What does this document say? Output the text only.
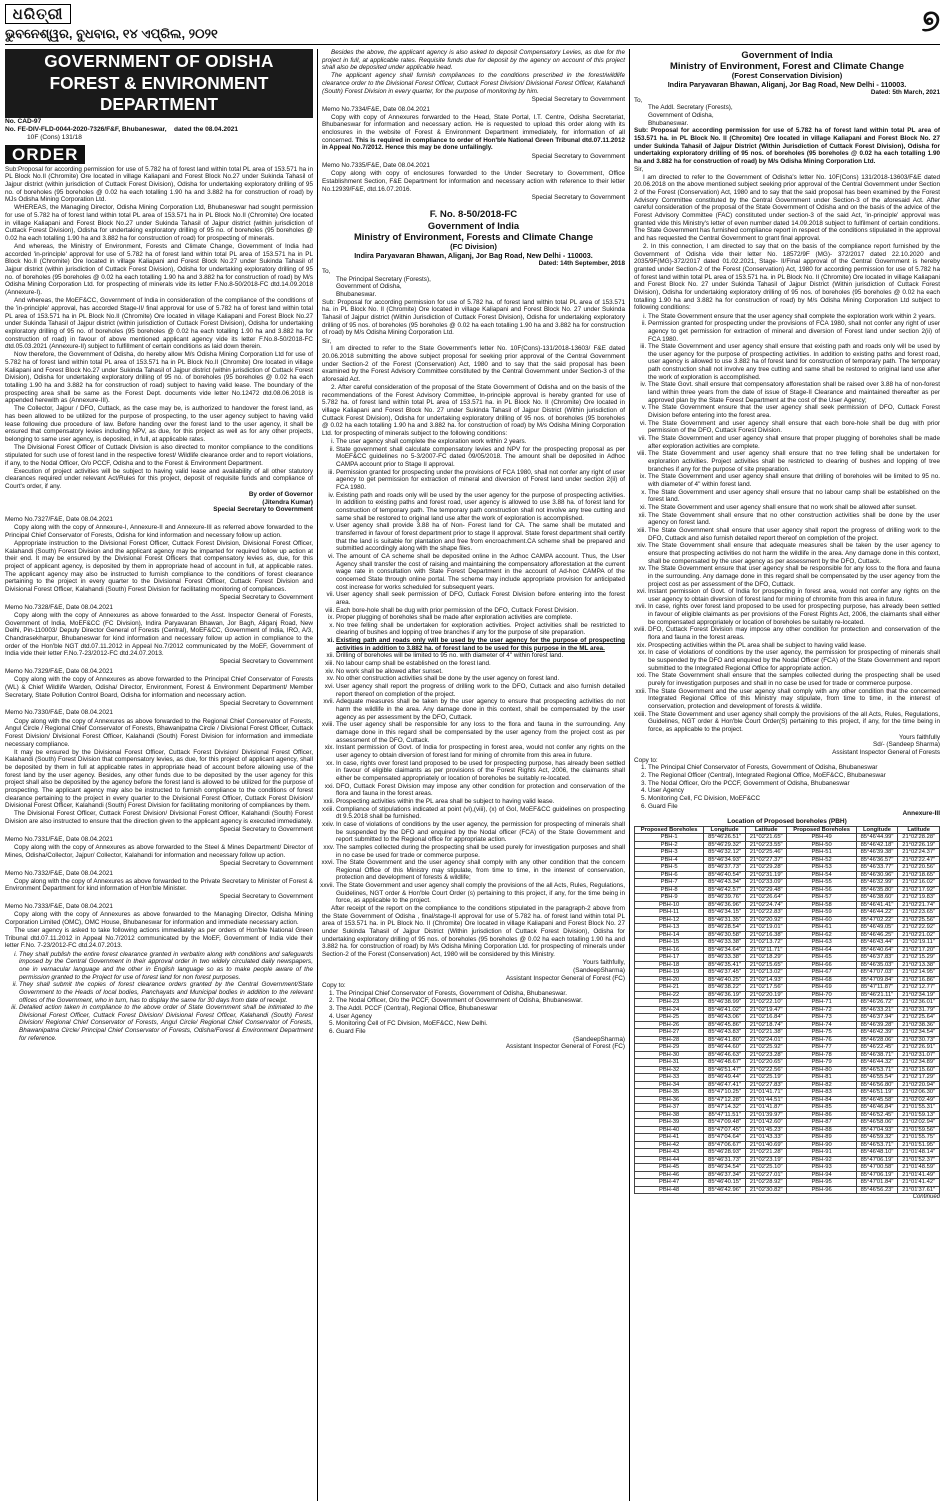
ଧରିତ୍ରୀ
ଭୁବନେଶ୍ୱର, ବୁଧବାର, ୧୪ ଏପ୍ରିଲ, ୨୦୨୧	୭
GOVERNMENT OF ODISHA
FOREST & ENVIRONMENT DEPARTMENT
No. CAD-97
No. FE-DIV-FLD-0044-2020-7326/F&F, Bhubaneswar, dated the 08.04.2021
10F (Cons) 131/18
ORDER

Sub:Proposal for according permission for use of 5.782 ha of forest land within total PL area of 153.571 ha in PL Block No.II (Chromite) Ore located in village Kaliapani and Forest Block No.27 under Sukinda Tahasil of Jajpur district (within jurisdiction of Cuttack Forest Division), Odisha for undertaking exploratory drilling of 95 no. of boreholes (95 boreholes @ 0.02 ha each totalling 1.90 ha and 3.882 ha for construction of road) by MJs Odisha Mining Corporation Ltd.

WHEREAS, the Managing Director, Odisha Mining Corporation Ltd, Bhubaneswar had sought permission for use of 5.782 ha of forest land within total PL area of 153.571 ha in PL Block No.II (Chromite) Ore located in village Kaliapani and Forest Block No.27 under Sukinda Tahasil of Jajpur district (within jurisdiction of Cuttack Forest Division), Odisha for undertaking exploratory drilling of 95 no. of boreholes (95 boreholes @ 0.02 ha each totalling 1.90 ha and 3.882 ha for construction of road) for prospecting of minerals.

And whereas, the Ministry of Environment, Forests and Climate Change, Government of India had accorded 'in-principle' approval for use of 5.782 ha of forest land within total PL area of 153.571 ha in PL Block No.II (Chromite) Ore located in village Kaliapani and Forest Block No.27 under Sukinda Tahasil of Jajpur district (within jurisdiction of Cuttack Forest Division), Odisha for undertaking exploratory drilling of 95 no. of boreholes (95 boreholes @ 0.02 ha each totalling 1.90 ha and 3.882 ha for construction of road) by M/s Odisha Mining Corporation Ltd. for prospecting of minerals vide its letter F.No.8-50/2018-FC dtd.14.09.2018 (Annexure-I).

And whereas, the MoEF&CC, Government of India in consideration of the compliance of the conditions of the 'in-principle' approval, has accorded Stage-II/ final approval for use of 5.782 ha of forest land within total PL area of 153.571 ha in PL Block No.II (Chromite) Ore located in village Kaliapani and Forest Block No.27 under Sukinda Tahasil of Jajpur district (within jurisdiction of Cuttack Forest Division), Odisha for undertaking exploratory drilling of 95 no. of boreholes (95 boreholes @ 0.02 ha each totalling 1.90 ha and 3.882 ha for construction of road) in favour of above mentioned applicant agency vide its letter F.No.8-50/2018-FC dtd.05.03.2021 (Annexure-II) subject to fulfillment of certain conditions as laid down therein.

Now therefore, the Government of Odisha, do hereby allow M/s Odisha Mining Corporation Ltd for use of 5.782 ha of forest land within total PL area of 153.571 ha in PL Block No.II (Chromite) Ore located in village Kaliapani and Forest Block No.27 under Sukinda Tahasil of Jajpur district (within jurisdiction of Cuttack Forest Division), Odisha for undertaking exploratory drilling of 95 no. of boreholes (95 boreholes @ 0.02 ha each totalling 1.90 ha and 3.882 ha for construction of road) subject to having valid lease. The boundary of the prospecting area shall be same as the Forest Dept. documents vide letter No.12472 dtd.08.06.2018 is appended herewith as (Annexure-III).

The Collector, Jajpur / DFO, Cuttack, as the case may be, is authorized to handover the forest land, as has been allowed to be utilized for the purpose of prospecting, to the user agency subject to having valid lease following due procedure of law. Before handing over the forest land to the user agency, it shall be ensured that compensatory levies including NPV, as due, for this project as well as for any other projects, belonging to same user agency, is deposited, in full, at applicable rates.

The Divisional Forest Officer of Cuttack Division is also directed to monitor compliance to the conditions stipulated for such use of forest land in the respective forest/ Wildlife clearance order and to report violations, if any, to the Nodal Officer, O/o PCCF, Odisha and to the Forest & Environment Department.

Execution of project activities will be subject to having valid lease and availability of all other statutory clearances required under relevant Act/Rules for this project, deposit of requisite funds and compliance of Court's order, if any.

By order of Governor
(Jitendra Kumar)
Special Secretary to Government

Memo No.7327/F&E, Date 08.04.2021

Copy along with the copy of Annexure-I, Annexure-II and Annexure-III as referred above forwarded to the Principal Chief Conservator of Forests, Odisha for kind information and necessary follow up action.

Appropriate instruction to the Divisional Forest Officer, Cuttack Forest Division, Divisional Forest Officer, Kalahandi (South) Forest Division and the applicant agency may be imparted for required follow up action at their end. It may be ensured by the Divisional Forest Officers that compensatory levies as, due, for this project of applicant agency, is deposited by them in appropriate head of account in full, at applicable rates. The applicant agency may also be instructed to furnish compliance to the conditions of forest clearance pertaining to the project in every quarter to the Divisional Forest Officer, Cuttack Forest Division and Divisional Forest Officer, Kalahandi (South) Forest Division for facilitating monitoring of compliances.

Special Secretary to Government

Memo No.7328/F&E, Date 08.04.2021

Copy along with the copy of Annexures as above forwarded to the Asst. Inspector General of Forests, Government of India, MoEF&CC (FC Division), Indira Paryavaran Bhawan, Jor Bagh, Aliganj Road, New Delhi, Pin-110003/ Deputy Director General of Forests (Central), MoEF&CC, Government of India, IRO, A/3, Chandrasekharpur, Bhubaneswar for kind information and necessary follow up action in compliance to the order of the Hon'ble NGT dtd.07.11.2012 in Appeal No.7/2012 communicated by the MoEF, Government of India vide their letter F.No.7-23/2012-FC dtd.24.07.2013.

Special Secretary to Government

Memo No.7329/F&E, Date 08.04.2021

Copy along with the copy of Annexures as above forwarded to the Principal Chief Conservator of Forests (WL) & Chief Wildlife Warden, Odisha/ Director, Environment, Forest & Environment Department/ Member Secretary, State Pollution Control Board, Odisha for information and necessary action.

Special Secretary to Government

Memo No.7330/F&E, Date 08.04.2021

Copy along with the copy of Annexures as above forwarded to the Regional Chief Conservator of Forests, Angul Circle / Regional Chief Conservator of Forests, Bhawanipatna Circle / Divisional Forest Officer, Cuttack Forest Division/ Divisional Forest Officer, Kalahandi (South) Forest Division for information and immediate necessary compliance.

It may be ensured by the Divisional Forest Officer, Cuttack Forest Division/ Divisional Forest Officer, Kalahandi (South) Forest Division that compensatory levies, as due, for this project of applicant agency, shall be deposited by them in full at applicable rates in appropriate head of account before allowing use of the forest land by the user agency. Besides, any other funds due to be deposited by the user agency for this project shall also be deposited by the agency before the forest land is allowed to be utilized for the purpose of prospecting. The applicant agency may also be instructed to furnish compliance to the conditions of forest clearance pertaining to the project in every quarter to the Divisional Forest Officer, Cuttack Forest Division/ Divisional Forest Officer, Kalahandi (South) Forest Division for facilitating monitoring of compliances by them.

The Divisional Forest Officer, Cuttack Forest Division/ Divisional Forest Officer, Kalahandi (South) Forest Division are also instructed to ensure that the direction given to the applicant agency is executed immediately.

Special Secretary to Government

Memo No.7331/F&E, Date 08.04.2021

Copy along with the copy of Annexures as above forwarded to the Steel & Mines Department/ Director of Mines, Odisha/Collector, Jajpur/ Collector, Kalahandi for information and necessary follow up action.

Special Secretary to Government

Memo No.7332/F&E, Date 08.04.2021

Copy along with the copy of Annexures as above forwarded to the Private Secretary to Minister of Forest & Environment Department for kind information of Hon'ble Minister.

Special Secretary to Government

Memo No.7333/F&E, Date 08.04.2021

Copy along with the copy of Annexures as above forwarded to the Managing Director, Odisha Mining Corporation Limited (OMC), OMC House, Bhubaneswar for information and immediate necessary action.

The user agency is asked to take following actions immediately as per orders of Hon'ble National Green Tribunal dtd.07.11.2012 in Appeal No.7/2012 communicated by the MoEF, Government of India vide their letter F.No. 7-23/2012-FC dtd.24.07.2013.

i. They shall publish the entire forest clearance granted in verbatim along with conditions and safeguards imposed by the Central Government in their approval order in two widely circulated daily newspapers, one in vernacular language and the other in English language so as to make people aware of the permission granted to the Project for use of forest land for non forest purposes.
ii. They shall submit the copies of forest clearance orders granted by the Central Government/State Government to the Heads of local bodies, Panchayats and Municipal bodies in addition to the relevant offices of the Government, who in turn, has to display the same for 30 days from date of receipt.
iii. Detailed action taken in compliance to the above order of State Government shall be intimated to the Divisional Forest Officer, Cuttack Forest Division/ Divisional Forest Officer, Kalahandi (South) Forest Division/ Regional Chief Conservator of Forests, Angul Circle/ Regional Chief Conservator of Forests, Bhawanipatna Circle/ Principal Chief Conservator of Forests, Odisha/Forest & Environment Department for reference.

Besides the above, the applicant agency is also asked to deposit Compensatory Levies, as due for the project in full, at applicable rates. Requisite funds due for deposit by the agency on account of this project shall also be deposited under applicable head.

The applicant agency shall furnish compliances to the conditions prescribed in the forest/wildlife clearance order to the Divisional Forest Officer, Cuttack Forest Division/ Divisional Forest Officer, Kalahandi (South) Forest Division in every quarter, for the purpose of monitoring by him.

Special Secretary to Government

Memo No.7334/F&E, Date 08.04.2021

Copy with copy of Annexures forwarded to the Head, State Portal, I.T. Centre, Odisha Secretariat, Bhubaneswar for information and necessary action. He is requested to upload this order along with its enclosures in the website of Forest & Environment Department immediately, for information of all concerned. This is required in compliance to order of Hon'ble National Green Tribunal dtd.07.11.2012 in Appeal No.7/2012. Hence this may be done unfailingly.

Special Secretary to Government

Memo No.7335/F&E, Date 08.04.2021

Copy along with copy of enclosures forwarded to the Under Secretary to Government, Office Establishment Section, F&E Department for information and necessary action with reference to their letter No.12939/F&E, dtd.16.07.2016.

Special Secretary to Government
F. No. 8-50/2018-FC
Government of India
Ministry of Environment, Forests and Climate Change
(FC Division)
Indira Paryavaran Bhawan, Aliganj, Jor Bag Road, New Delhi - 110003.
Dated: 14th September, 2018
To,
The Principal Secretary (Forests),
Government of Odisha,
Bhubaneswar.

Sub: Proposal for according permission for use of 5.782 ha. of forest land within total PL area of 153.571 ha. in PL Block No. II (Chromite) Ore located in village Kaliapani and Forest Block No. 27 under Sukinda Tahasil of Jajpur district (Within Jurisdiction of Cuttack Forest Division), Odisha for undertaking exploratory drilling of 95 nos. of boreholes (95 boreholes @ 0.02 ha each totalling 1.90 ha and 3.882 ha for construction of road) by M/s Odisha Mining Corporation Ltd.

Sir,

I am directed to refer to the State Government's letter No. 10F(Cons)-131/2018-13603/ F&E dated 20.06.2018 submitting the above subject proposal for seeking prior approval of the Central Government under Section-2 of the Forest (Conservation) Act, 1980 and to say that the said proposal has been examined by the Forest Advisory Committee constituted by the Central Government under Section-3 of the aforesaid Act.

2. After careful consideration of the proposal of the State Government of Odisha and on the basis of the recommendations of the Forest Advisory Committee, In-principle approval is hereby granted for use of 5.782 ha. of forest land within total PL area of 153.571 ha. in PL Block No. II (Chromite) Ore located in village Kaliapani and Forest Block No. 27 under Sukinda Tahasil of Jajpur District (Within jurisdiction of Cuttack Forest Division), Odisha for undertaking exploratory drilling of 95 nos. of boreholes (95 boreholes @ 0.02 ha each totalling 1.90 ha and 3.882 ha. for construction of road) by M/s Odisha Mining Corporation Ltd. for prospecting of minerals subject to the following conditions:

i. The user agency shall complete the exploration work within 2 years.
ii. State government shall calculate compensatory levies and NPV for the prospecting proposal as per MoEF&CC guidelines no 5-3/2007-FC dated 09/05/2018. The amount shall be deposited in Adhoc CAMPA account prior to Stage II approval.
iii. Permission granted for prospecting under the provisions of FCA 1980, shall not confer any right of user agency to get permission for extraction of mineral and diversion of Forest land under section 2(ii) of FCA 1980.
iv. Existing path and roads only will be used by the user agency for the purpose of prospecting activities. In addition to existing paths and forest road, user agency is allowed to use 3.88 ha. of forest land for construction of temporary path. The temporary path construction shall not involve any tree cutting and same shall be restored to original land use after the work of exploration is accomplished.
v. User agency shall provide 3.88 ha of Non- Forest land for CA. The same shall be mutated and transferred in favour of forest department prior to stage II approval. State forest department shall certify that the land is suitable for plantation and free from encroachment.CA scheme shall be prepared and submitted accordingly along with the shape files.
vi. The amount of CA scheme shall be deposited online in the Adhoc CAMPA account. Thus, the User Agency shall transfer the cost of raising and maintaining the compensatory afforestation at the current wage rate in consultation with State Forest Department in the account of Ad-hoc CAMPA of the concerned State through online portal. The scheme may include appropriate provision for anticipated cost increase for works scheduled for subsequent years.
vii. User agency shall seek permission of DFO, Cuttack Forest Division before entering into the forest area.
viii. Each bore-hole shall be dug with prior permission of the DFO, Cuttack Forest Division.
ix. Proper plugging of boreholes shall be made after exploration activities are complete.
x. No tree felling shall be undertaken for exploration activities. Project activities shall be restricted to clearing of bushes and lopping of tree branches if any for the purpose of site preparation.
xi. Existing path and roads only will be used by the user agency for the purpose of prospecting activities in addition to 3.882 ha. of forest land to be used for this purpose in the ML area.
xii. Drilling of boreholes will be limited to 95 no. with diameter of 4" within forest land.
xiii. No labour camp shall be established on the forest land.
xiv. No work shall be allowed after sunset.
xv. No other construction activities shall be done by the user agency on forest land.
xvi. User agency shall report the progress of drilling work to the DFO, Cuttack and also furnish detailed report thereof on completion of the project.
xvii. Adequate measures shall be taken by the user agency to ensure that prospecting activities do not harm the wildlife in the area. Any damage done in this context, shall be compensated by the user agency as per assessment by the DFO, Cuttack.
xviii. The user agency shall be responsible for any loss to the flora and fauna in the surrounding. Any damage done in this regard shall be compensated by the user agency from the project cost as per assessment of the DFO, Cuttack.
xix. Instant permission of Govt. of India for prospecting in forest area, would not confer any rights on the user agency to obtain diversion of forest land for mining of chromite from this area in future.
xx. In case, rights over forest land proposed to be used for prospecting purpose, has already been settled in favour of eligible claimants as per provisions of the Forest Rights Act, 2006, the claimants shall either be compensated appropriately or location of boreholes be suitably re-located.
xxi. DFO, Cuttack Forest Division may impose any other condition for protection and conservation of the flora and fauna in the forest areas.
xxii. Prospecting activities within the PL area shall be subject to having valid lease.
xxiii. Compliance of stipulations indicated at point (vi),(viii), (x) of GoI, MoEF&CC guidelines on prospecting dt 9.5.2018 shall be furnished.
xxiv. In case of violations of conditions by the user agency, the permission for prospecting of minerals shall be suspended by the DFO and enquired by the Nodal officer (FCA) of the State Government and report submitted to the Regional office for appropriate action.
xxv. The samples collected during the prospecting shall be used purely for investigation purposes and shall in no case be used for trade or commerce purpose.
xxvi. The State Government and the user agency shall comply with any other condition that the concern Regional Office of this Ministry may stipulate, from time to time, in the interest of conservation, protection and development of forests & wildlife;
xxvii. The State Government and user agency shall comply the provisions of the all Acts, Rules, Regulations, Guidelines, NGT order & Hon'ble Court Order (s) pertaining to this project, if any, for the time being in force, as applicable to the project.

After receipt of the report on the compliance to the conditions stipulated in the paragraph-2 above from the State Government of Odisha , final/stage-II approval for use of 5.782 ha. of forest land within total PL area of 153.571 ha. in PL Block No. II (Chromite) Ore located in village Kaliapani and Forest Block No. 27 under Sukinda Tahasil of Jajpur District (Within jurisdiction of Cuttack Forest Division), Odisha for undertaking exploratory drilling of 95 nos. of boreholes (95 boreholes @ 0.02 ha each totalling 1.90 ha and 3.882 ha. for construction of road) by M/s Odisha Mining Corporation Ltd. for prospecting of minerals under Section-2 of the Forest (Conservation) Act, 1980 will be considered by this Ministry.

Yours faithfully,
(SandeepSharma)
Assistant Inspector General of Forest (FC)
Copy to:
1. The Principal Chief Conservator of Forests, Government of Odisha, Bhubaneswar.
2. The Nodal Officer, O/o the PCCF, Government of Government of Odisha, Bhubaneswar.
3. The Addl. PCCF (Central), Regional Office, Bhubaneswar
4. User Agency
5. Monitoring Cell of FC Division, MoEF&CC, New Delhi.
6. Guard File
(SandeepSharma)
Assistant Inspector General of Forest (FC)
Government of India
Ministry of Environment, Forest and Climate Change
(Forest Conservation Division)
Indira Paryavaran Bhawan, Aliganj, Jor Bag Road, New Delhi - 110003.
Dated: 5th March, 2021
To,
The Addl. Secretary (Forests),
Government of Odisha,
Bhubaneswar.

Sub: Proposal for according permission for use of 5.782 ha of forest land within total PL area of 153.571 ha. in PL Block No. II (Chromite) Ore located in village Kaliapani and Forest Block No. 27 under Sukinda Tahasil of Jajpur District (Within Jurisdiction of Cuttack Forest Division), Odisha for undertaking exploratory drilling of 95 nos. of boreholes (95 boreholes @ 0.02 ha each totalling 1.90 ha and 3.882 ha for construction of road) by M/s Odisha Mining Corporation Ltd.

Sir,

I am directed to refer to the Government of Odisha's letter No. 10F(Cons) 131/2018-13603/F&E dated 20.06.2018 on the above mentioned subject seeking prior approval of the Central Government under Section 2 of the Forest (Conservation) Act, 1980 and to say that the said proposal has been examined by the Forest Advisory Committee constituted by the Central Government under Section-3 of the aforesaid Act. After careful consideration of the proposal of the State Government of Odisha and on the basis of the advice of the Forest Advisory Committee (FAC) constituted under section-3 of the said Act, 'in-principle' approval was granted vide this Ministry's letter of even number dated 14.09.2018 subject to fulfilment of certain conditions. The State Government has furnished compliance report in respect of the conditions stipulated in the approval and has requested the Central Government to grant final approval.

2. In this connection, I am directed to say that on the basis of the compliance report furnished by the Government of Odisha vide their letter No. 18572/9F (MG)- 372/2017 dated 22.10.2020 and 2035/9F(MG)-372/2017 dated 01.02.2021, Stage- II/Final approval of the Central Government is hereby granted under Section-2 of the Forest (Conservation) Act, 1980 for according permission for use of 5.782 ha of forest land within total PL area of 153.571 ha. in PL Block No. II (Chromite) Ore located in village Kaliapani and Forest Block No. 27 under Sukinda Tahasil of Jajpur District (Within jurisdiction of Cuttack Forest Division), Odisha for undertaking exploratory drilling of 95 nos. of boreholes (95 boreholes @ 0.02 ha each totalling 1.90 ha and 3.882 ha for construction of road) by M/s Odisha Mining Corporation Ltd subject to following conditions:

i. The State Government ensure that the user agency shall complete the exploration work within 2 years.
ii. Permission granted for prospecting under the provisions of FCA 1980, shall not confer any right of user agency to get permission for extraction of mineral and diversion of Forest land under section 2(ii) of FCA 1980.
iii. The State Government and user agency shall ensure that existing path and roads only will be used by the user agency for the purpose of prospecting activities. In addition to existing paths and forest road, user agency is allowed to use 3.882 ha of forest land for construction of temporary path. The temporary path construction shall not involve any tree cutting and same shall be restored to original land use after the work of exploration is accomplished.
iv. The State Govt. shall ensure that compensatory afforestation shall be raised over 3.88 ha of non-forest land within three years from the date of issue of Stage-II Clearance and maintained thereafter as per approved plan by the State Forest Department at the cost of the User Agency;
v. The State Government ensure that the user agency shall seek permission of DFO, Cuttack Forest Division before entering into the forest area.
vi. The State Government and user agency shall ensure that each bore-hole shall be dug with prior permission of the DFO, Cuttack Forest Division.
vii. The State Government and user agency shall ensure that proper plugging of boreholes shall be made after exploration activities are complete.
viii. The State Government and user agency shall ensure that no tree felling shall be undertaken for exploration activities. Project activities shall be restricted to clearing of bushes and lopping of tree branches if any for the purpose of site preparation.
ix. The State Government and user agency shall ensure that drilling of boreholes will be limited to 95 no. with diameter of 4" within forest land.
x. The State Government and user agency shall ensure that no labour camp shall be established on the forest land.
xi. The State Government and user agency shall ensure that no work shall be allowed after sunset.
xii. The State Government shall ensure that no other construction activities shall be done by the user agency on forest land.
xiii. The State Government shall ensure that user agency shall report the progress of drilling work to the DFO, Cuttack and also furnish detailed report thereof on completion of the project.
xiv. The State Government shall ensure that adequate measures shall be taken by the user agency to ensure that prospecting activities do not harm the wildlife in the area. Any damage done in this context, shall be compensated by the user agency as per assessment by the DFO, Cuttack.
xv. The State Government ensure that user agency shall be responsible for any loss to the flora and fauna in the surrounding. Any damage done in this regard shall be compensated by the user agency from the project cost as per assessment of the DFO, Cuttack.
xvi. Instant permission of Govt. of India for prospecting in forest area, would not confer any rights on the user agency to obtain diversion of forest land for mining of chromite from this area in future.
xvii. In case, rights over forest land proposed to be used for prospecting purpose, has already been settled in favour of eligible claimants as per provisions of the Forest Rights Act, 2006, the claimants shall either be compensated appropriately or location of boreholes be suitably re-located.
xviii. DFO, Cuttack Forest Division may impose any other condition for protection and conservation of the flora and fauna in the forest areas.
xix. Prospecting activities within the PL area shall be subject to having valid lease.
xx. In case of violations of conditions by the user agency, the permission for prospecting of minerals shall be suspended by the DFO and enquired by the Nodal Officer (FCA) of the State Government and report submitted to the Integrated Regional Office for appropriate action.
xxi. The State Government shall ensure that the samples collected during the prospecting shall be used purely for investigation purposes and shall in no case be used for trade or commerce purpose.
xxii. The State Government and the user agency shall comply with any other condition that the concerned Integrated Regional Office of this Ministry may stipulate, from time to time, in the interest of conservation, protection and development of forests & wildlife.
xxiii. The State Government and user agency shall comply the provisions of the all Acts, Rules, Regulations, Guidelines, NGT order & Hon'ble Court Order(S) pertaining to this project, if any, for the time being in force, as applicable to the project.
Yours faithfully
Sd/- (Sandeep Sharma)
Assistant Inspector General of Forests
Copy to:
1. The Principal Chief Conservator of Forests, Government of Odisha, Bhubaneswar
2. The Regional Officer (Central), Integrated Regional Office, MoEF&CC, Bhubaneswar
3. The Nodal Officer, O/o the PCCF, Government of Odisha, Bhubaneswar
4. User Agency
5. Monitoring Cell, FC Division, MoEF&CC
6. Guard File
Annexure-III
Location of Proposed boreholes (PBH)
Proposed Boreholes	Longitude	Latitude	Proposed Boreholes	Longitude	Latitude
PBH-1	85°46'26.51"	21°02'21.65"	PBH-49	85°46'44.99"	21°02'28.28"
PBH-2	85°46'29.32"	21°02'23.55"	PBH-50	85°46'42.18"	21°02'26.19"
PBH-3	85°46'32.12"	21°02'25.46"	PBH-51	85°46'39.38"	21°02'24.37"
PBH-4	85°46'34.93"	21°02'27.37"	PBH-52	85°46'36.57"	21°02'22.47"
PBH-5	85°46'37.73"	21°02'29.28"	PBH-53	85°46'33.77"	21°02'20.56"
PBH-6	85°46'40.54"	21°02'31.19"	PBH-54	85°46'30.96"	21°02'18.65"
PBH-7	85°46'43.34"	21°02'33.09"	PBH-55	85°46'32.99"	21°02'16.02"
PBH-8	85°46'42.57"	21°02'29.48"	PBH-56	85°46'35.80"	21°02'17.92"
PBH-9	85°46'39.76"	21°02'26.64"	PBH-57	85°46'38.60"	21°02'19.83"
PBH-10	85°46'36.96"	21°02'24.74"	PBH-58	85°46'41.41"	21°02'21.74"
PBH-11	85°46'34.15"	21°02'22.83"	PBH-59	85°46'44.22"	21°02'23.65"
PBH-12	85°46'31.35"	21°02'20.92"	PBH-60	85°47'02.22"	21°02'25.56"
PBH-13	85°46'28.54"	21°02'19.01"	PBH-61	85°46'49.05"	21°02'22.92"
PBH-14	85°46'30.58"	21°02'16.38"	PBH-62	85°46'46.25"	21°02'21.02"
PBH-15	85°46'33.38"	21°02'13.72"	PBH-63	85°46'43.44"	21°02'19.11"
PBH-16	85°46'34.64"	21°02'11.71"	PBH-64	85°46'40.64"	21°02'17.20"
PBH-17	85°46'33.38"	21°02'18.29"	PBH-65	85°46'37.83"	21°02'15.29"
PBH-18	85°46'35.41"	21°02'15.65"	PBH-66	85°46'35.03"	21°02'13.38"
PBH-19	85°46'37.45"	21°02'13.02"	PBH-67	85°47'07.03"	21°02'14.95"
PBH-20	85°46'40.25"	21°02'14.93"	PBH-68	85°47'09.84"	21°02'16.86"
PBH-21	85°46'38.22"	21°02'17.56"	PBH-69	85°47'11.87"	21°02'12.77"
PBH-22	85°46'36.19"	21°02'20.19"	PBH-70	85°46'21.11"	21°02'34.19"
PBH-23	85°46'38.99"	21°02'22.10"	PBH-71	85°46'26.72"	21°02'36.01"
PBH-24	85°46'41.02"	21°02'19.47"	PBH-72	85°46'33.21"	21°02'31.79"
PBH-25	85°46'43.06"	21°02'16.84"	PBH-73	85°46'37.94"	21°02'25.64"
PBH-26	85°46'45.86"	21°02'18.74"	PBH-74	85°46'39.28"	21°02'38.36"
PBH-27	85°46'43.83"	21°02'21.38"	PBH-75	85°46'42.39"	21°02'34.54"
PBH-28	85°46'41.80"	21°02'24.01"	PBH-76	85°46'28.06"	21°02'30.73"
PBH-29	85°46'44.60"	21°02'25.92"	PBH-77	85°46'22.45"	21°02'26.91"
PBH-30	85°46'46.63"	21°02'23.28"	PBH-78	85°46'38.71"	21°02'31.07"
PBH-31	85°46'48.67"	21°02'20.65"	PBH-79	85°46'44.32"	21°02'34.89"
PBH-32	85°46'51.47"	21°02'22.56"	PBH-80	85°46'53.71"	21°02'15.60"
PBH-33	85°46'49.44"	21°02'25.19"	PBH-81	85°46'55.54"	21°02'17.29"
PBH-34	85°46'47.41"	21°02'27.83"	PBH-82	85°46'56.80"	21°02'20.94"
PBH-35	85°47'10.25"	21°01'41.71"	PBH-83	85°46'51.19"	21°02'06.30"
PBH-36	85°47'12.28"	21°01'44.51"	PBH-84	85°46'45.58"	21°02'02.49"
PBH-37	85°47'14.32"	21°01'41.87"	PBH-85	85°46'46.84"	21°01'55.31"
PBH-38	85°47'11.51"	21°01'39.97"	PBH-86	85°46'52.45"	21°01'59.13"
PBH-39	85°47'09.48"	21°01'42.60"	PBH-87	85°46'58.06"	21°02'02.94"
PBH-40	85°47'07.45"	21°01'45.23"	PBH-88	85°47'04.93"	21°01'59.56"
PBH-41	85°47'04.64"	21°01'43.33"	PBH-89	85°46'59.32"	21°01'55.75"
PBH-42	85°47'06.67"	21°01'40.69"	PBH-90	85°46'53.71"	21°01'51.95"
PBH-43	85°46'28.93"	21°02'21.28"	PBH-91	85°46'48.10"	21°01'48.14"
PBH-44	85°46'31.73"	21°02'23.19"	PBH-92	85°47'06.19"	21°01'52.37"
PBH-45	85°46'34.54"	21°02'25.10"	PBH-93	85°47'00.58"	21°01'48.59"
PBH-46	85°46'37.34"	21°02'27.01"	PBH-94	85°47'06.19"	21°01'41.49"
PBH-47	85°46'40.15"	21°02'28.92"	PBH-95	85°47'01.84"	21°01'41.42"
PBH-48	85°46'42.96"	21°02'30.82"	PBH-96	85°46'56.23"	21°01'37.61"
Continued
